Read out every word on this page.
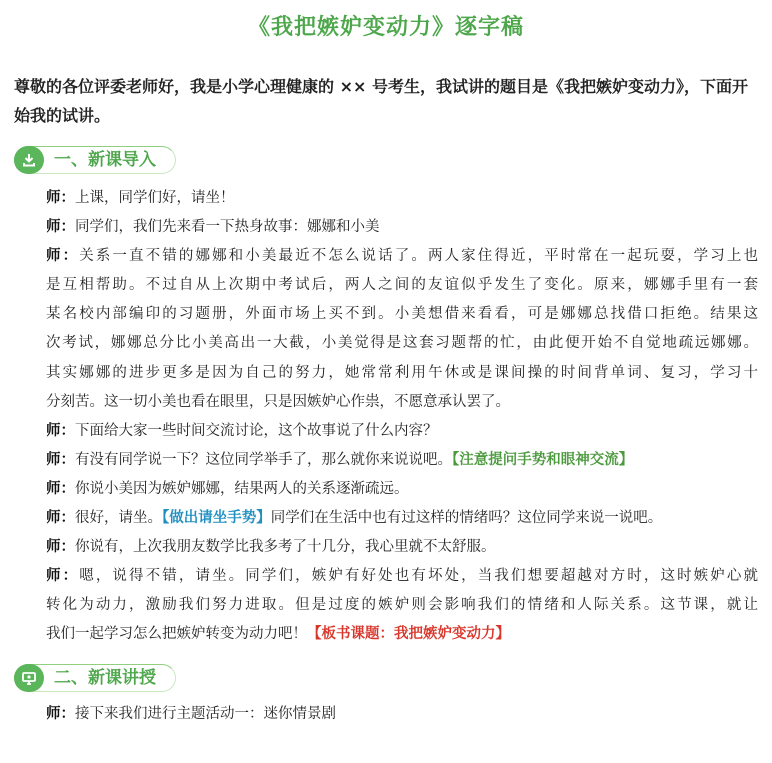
《我把嫉妒变动力》逐字稿
尊敬的各位评委老师好，我是小学心理健康的 ×× 号考生，我试讲的题目是《我把嫉妒变动力》，下面开始我的试讲。
一、新课导入
师：上课，同学们好，请坐！
师：同学们，我们先来看一下热身故事：娜娜和小美
师：关系一直不错的娜娜和小美最近不怎么说话了。两人家住得近，平时常在一起玩耍，学习上也
是互相帮助。不过自从上次期中考试后，两人之间的友谊似乎发生了变化。原来，娜娜手里有一套
某名校内部编印的习题册，外面市场上买不到。小美想借来看看，可是娜娜总找借口拒绝。结果这
次考试，娜娜总分比小美高出一大截，小美觉得是这套习题帮的忙，由此便开始不自觉地疏远娜娜。
其实娜娜的进步更多是因为自己的努力，她常常利用午休或是课间操的时间背单词、复习，学习十
分刻苦。这一切小美也看在眼里，只是因嫉妒心作祟，不愿意承认罢了。
师：下面给大家一些时间交流讨论，这个故事说了什么内容？
师：有没有同学说一下？这位同学举手了，那么就你来说说吧。【注意提问手势和眼神交流】
师：你说小美因为嫉妒娜娜，结果两人的关系逐渐疏远。
师：很好，请坐。【做出请坐手势】同学们在生活中也有过这样的情绪吗？这位同学来说一说吧。
师：你说有，上次我朋友数学比我多考了十几分，我心里就不太舒服。
师：嗯，说得不错，请坐。同学们，嫉妒有好处也有坏处，当我们想要超越对方时，这时嫉妒心就
转化为动力，激励我们努力进取。但是过度的嫉妒则会影响我们的情绪和人际关系。这节课，就让
我们一起学习怎么把嫉妒转变为动力吧！【板书课题：我把嫉妒变动力】
二、新课讲授
师：接下来我们进行主题活动一：迷你情景剧
